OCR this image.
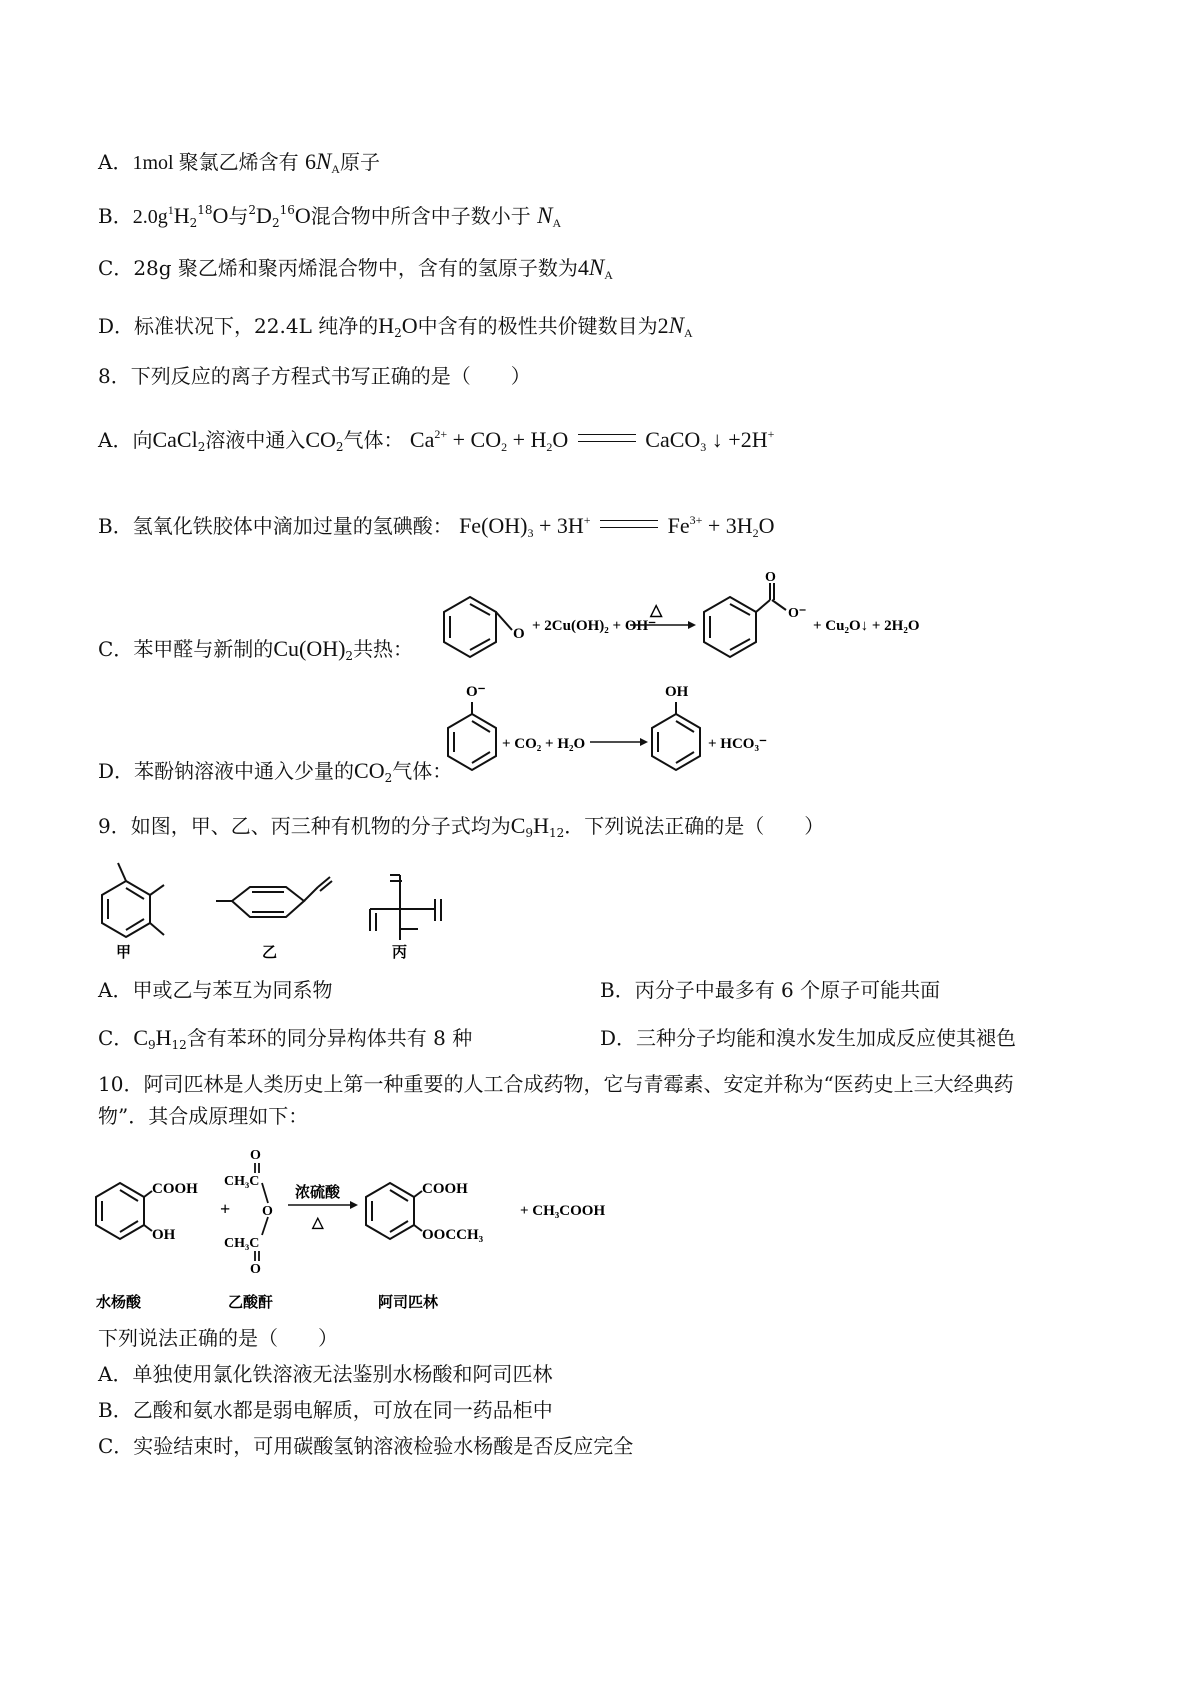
A．1mol 聚氯乙烯含有 $6N_A$原子
B．$2.0g^1H_2^{18}O$与$^2D_2^{16}O$混合物中所含中子数小于 $N_A$
C．28g 聚乙烯和聚丙烯混合物中，含有的氢原子数为$4N_A$
D．标准状况下，22.4L 纯净的$H_2O$中含有的极性共价键数目为$2N_A$
8．下列反应的离子方程式书写正确的是（　　）
A．向CaCl$_2$溶液中通入$CO_2$气体： $Ca^{2+} + CO_2 + H_2O$	CaCO$_3$ ↓ +2H+
B．氢氧化铁胶体中滴加过量的氢碘酸： $Fe(OH)_3 + 3H^+$	$Fe^{3+} + 3H_2O$
C．苯甲醛与新制的$Cu(OH)_2$共热：
O + 2Cu(OH)₂ + OH⁻
△
O
O⁻
+ Cu₂O↓ + 2H₂O
D．苯酚钠溶液中通入少量的$CO_2$气体：
O⁻
+ CO₂ + H₂O
OH
+ HCO₃⁻
9．如图，甲、乙、丙三种有机物的分子式均为$C_9H_{12}$．下列说法正确的是（　　）
甲	乙	丙
A．甲或乙与苯互为同系物	B．丙分子中最多有 6 个原子可能共面
C．$C_9H_{12}$含有苯环的同分异构体共有 8 种	D．三种分子均能和溴水发生加成反应使其褪色
10．阿司匹林是人类历史上第一种重要的人工合成药物，它与青霉素、安定并称为“医药史上三大经典药
物”．其合成原理如下：
COOH
OH
+
O
CH₃C
O
CH₃C
O
浓硫酸
△
COOH
OOCCH₃
+ CH₃COOH
水杨酸	乙酸酐	阿司匹林
下列说法正确的是（　　）
A．单独使用氯化铁溶液无法鉴别水杨酸和阿司匹林
B．乙酸和氨水都是弱电解质，可放在同一药品柜中
C．实验结束时，可用碳酸氢钠溶液检验水杨酸是否反应完全
